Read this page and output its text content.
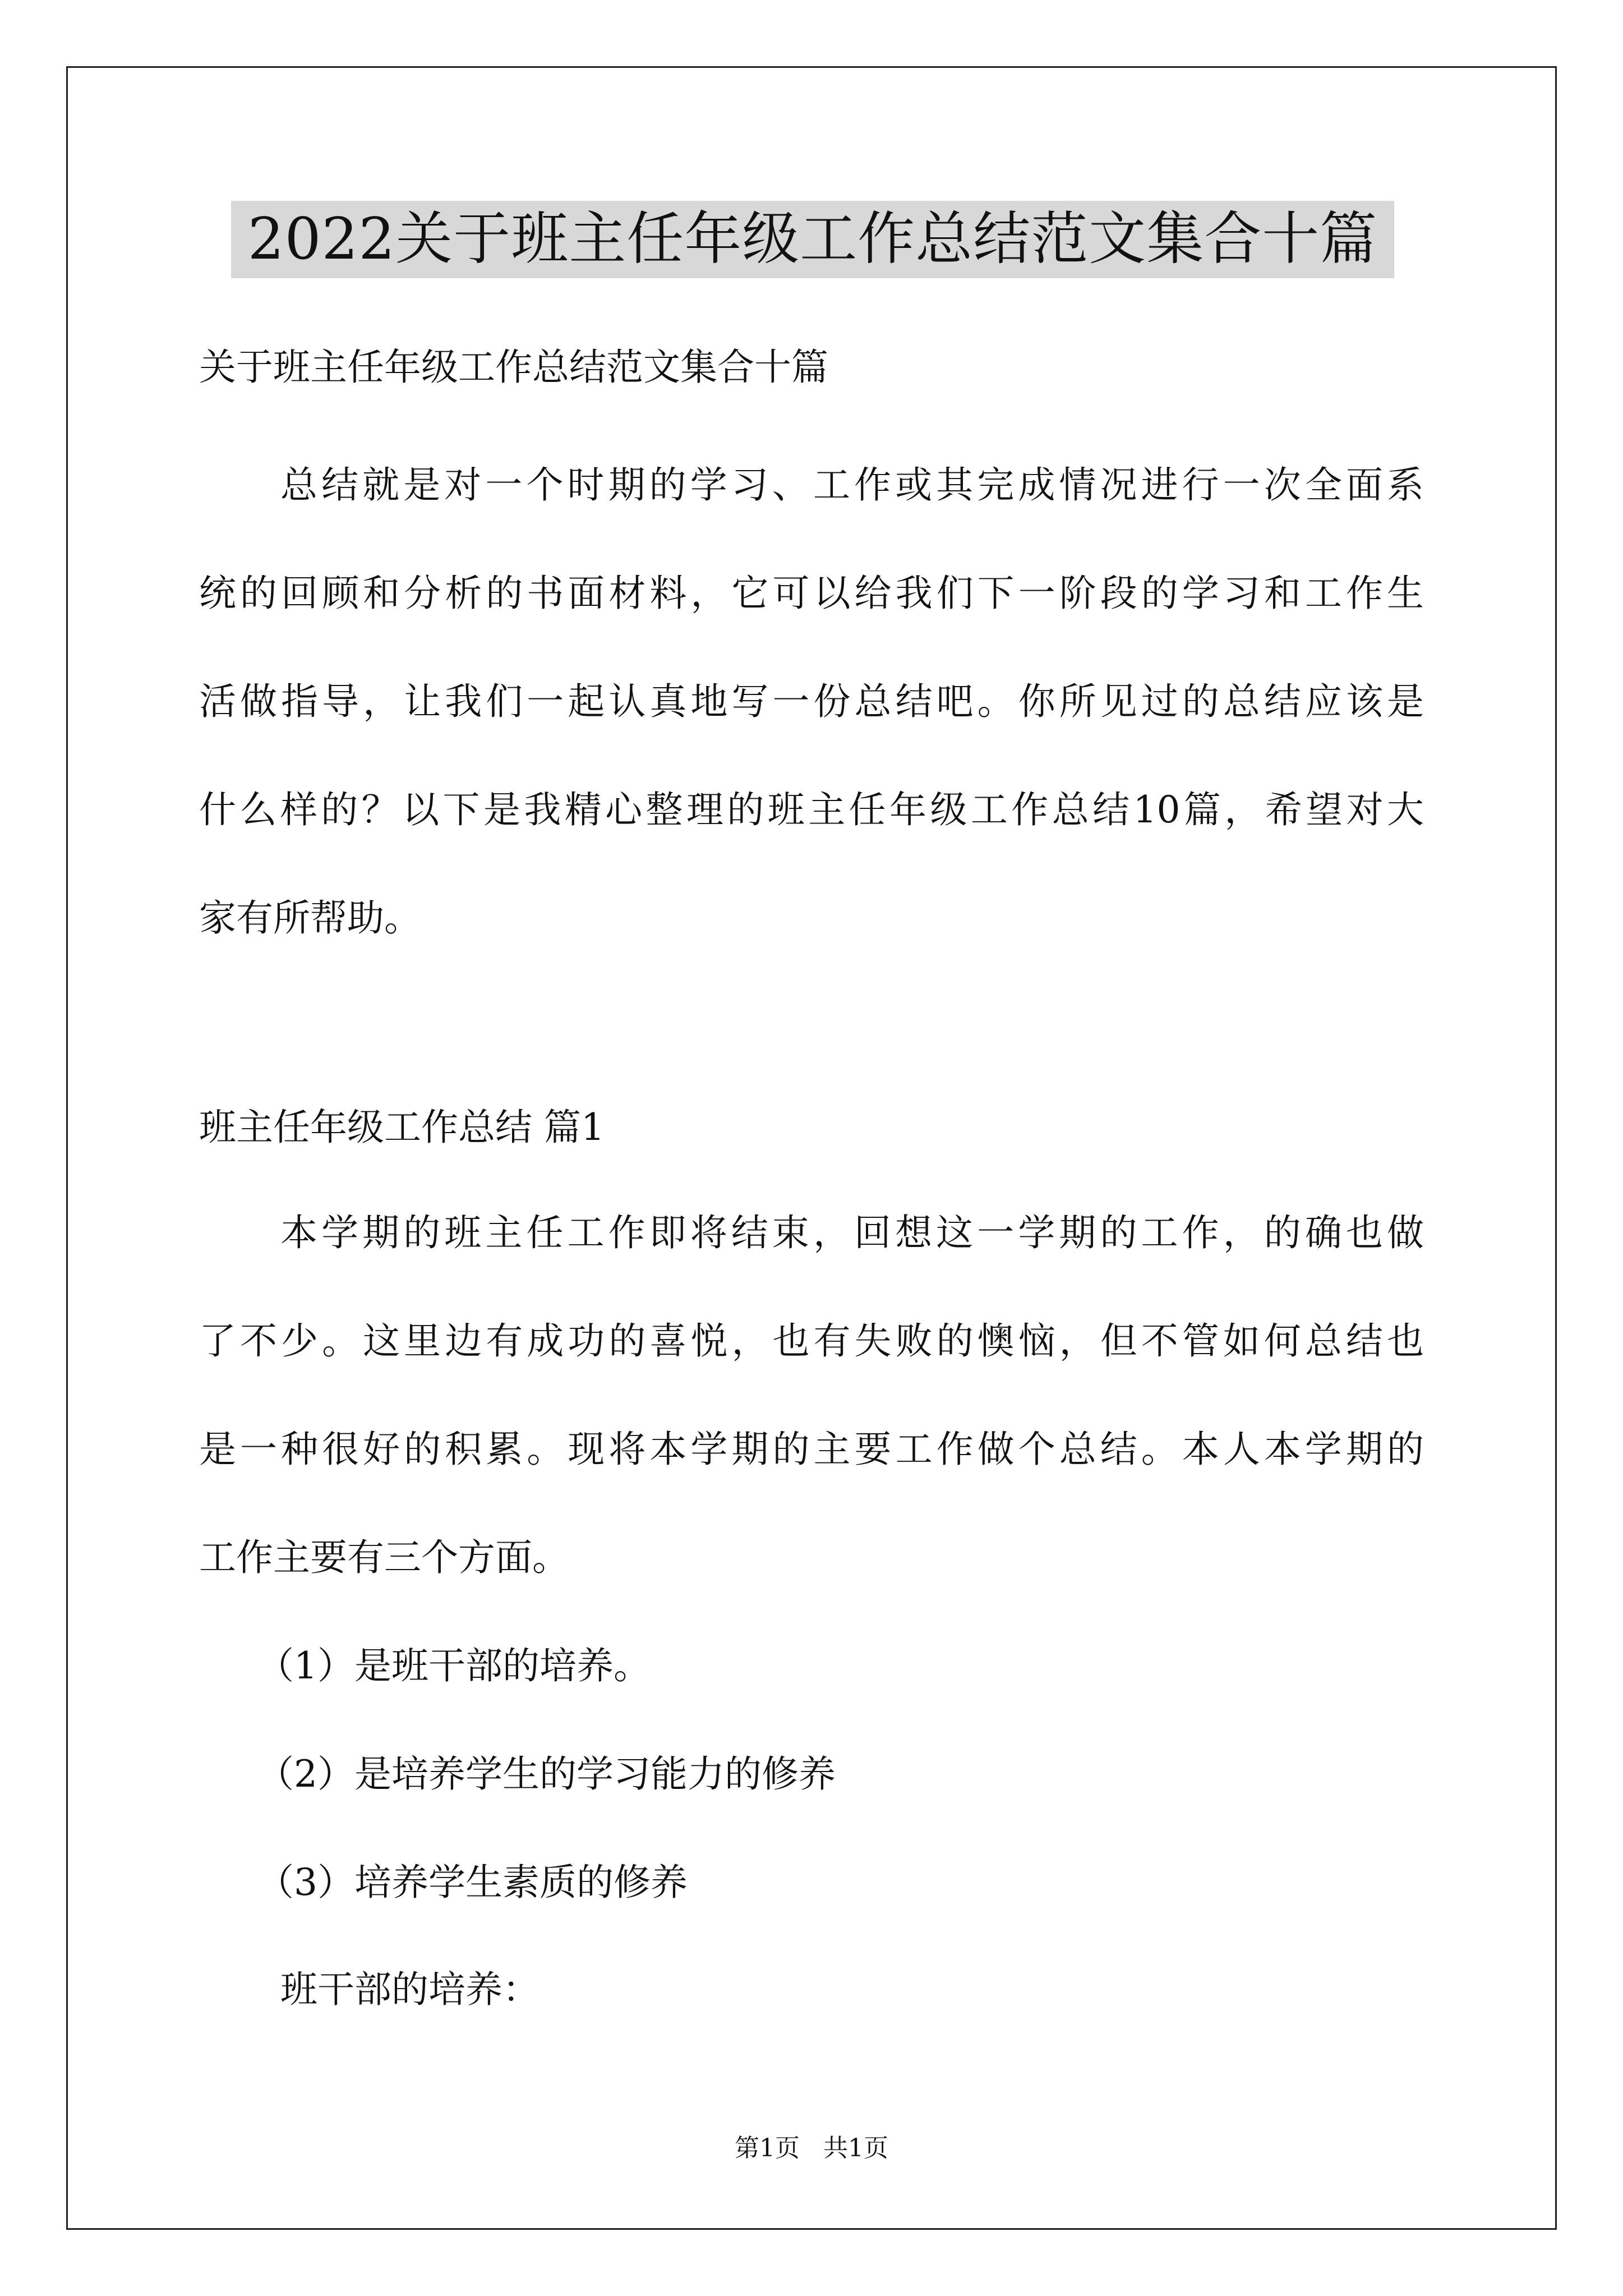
2022关于班主任年级工作总结范文集合十篇
关于班主任年级工作总结范文集合十篇
总结就是对一个时期的学习、工作或其完成情况进行一次全面系
统的回顾和分析的书面材料，它可以给我们下一阶段的学习和工作生
活做指导，让我们一起认真地写一份总结吧。你所见过的总结应该是
什么样的？以下是我精心整理的班主任年级工作总结10篇，希望对大
家有所帮助。
班主任年级工作总结 篇1
本学期的班主任工作即将结束，回想这一学期的工作，的确也做
了不少。这里边有成功的喜悦，也有失败的懊恼，但不管如何总结也
是一种很好的积累。现将本学期的主要工作做个总结。本人本学期的
工作主要有三个方面。
（1）是班干部的培养。
（2）是培养学生的学习能力的修养
（3）培养学生素质的修养
班干部的培养：
第1页   共1页
